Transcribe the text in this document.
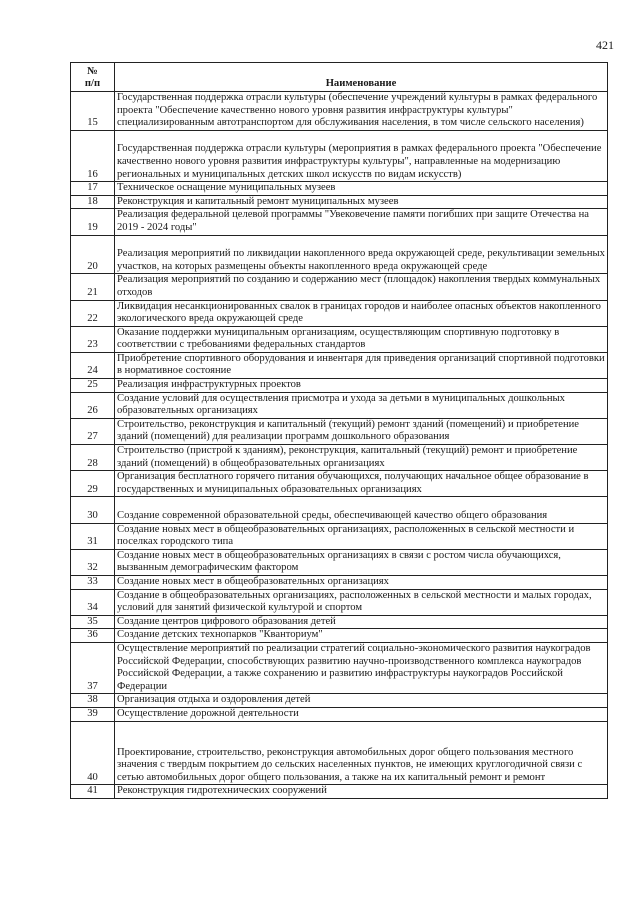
421
№
п/п	Наименование
15	Государственная поддержка отрасли культуры (обеспечение учреждений культуры в рамках федерального проекта "Обеспечение качественно нового уровня развития инфраструктуры культуры" специализированным автотранспортом для обслуживания населения, в том числе сельского населения)
16	Государственная поддержка отрасли культуры (мероприятия в рамках федерального проекта "Обеспечение качественно нового уровня развития инфраструктуры культуры", направленные на модернизацию региональных и муниципальных детских школ искусств по видам искусств)
17	Техническое оснащение муниципальных музеев
18	Реконструкция и капитальный ремонт муниципальных музеев
19	Реализация федеральной целевой программы "Увековечение памяти погибших при защите Отечества на 2019 - 2024 годы"
20	Реализация мероприятий по ликвидации накопленного вреда окружающей среде, рекультивации земельных участков, на которых размещены объекты накопленного вреда окружающей среде
21	Реализация мероприятий по созданию и содержанию мест (площадок) накопления твердых коммунальных отходов
22	Ликвидация несанкционированных свалок в границах городов и наиболее опасных объектов накопленного экологического вреда окружающей среде
23	Оказание поддержки муниципальным организациям, осуществляющим спортивную подготовку в соответствии с требованиями федеральных стандартов
24	Приобретение спортивного оборудования и инвентаря для приведения организаций спортивной подготовки в нормативное состояние
25	Реализация инфраструктурных проектов
26	Создание условий для осуществления присмотра и ухода за детьми в муниципальных дошкольных образовательных организациях
27	Строительство, реконструкция и капитальный (текущий) ремонт зданий (помещений) и приобретение зданий (помещений) для реализации программ дошкольного образования
28	Строительство (пристрой к зданиям), реконструкция, капитальный (текущий) ремонт и приобретение зданий (помещений) в общеобразовательных организациях
29	Организация бесплатного горячего питания обучающихся, получающих начальное общее образование в государственных и муниципальных образовательных организациях
30	Создание современной образовательной среды, обеспечивающей качество общего образования
31	Создание новых мест в общеобразовательных организациях, расположенных в сельской местности и поселках городского типа
32	Создание новых мест в общеобразовательных организациях в связи с ростом числа обучающихся, вызванным демографическим фактором
33	Создание новых мест в общеобразовательных организациях
34	Создание в общеобразовательных организациях, расположенных в сельской местности и малых городах, условий для занятий физической культурой и спортом
35	Создание центров цифрового образования детей
36	Создание детских технопарков "Кванториум"
37	Осуществление мероприятий по реализации стратегий социально-экономического развития наукоградов Российской Федерации, способствующих развитию научно-производственного комплекса наукоградов Российской Федерации, а также сохранению и развитию инфраструктуры наукоградов Российской Федерации
38	Организация отдыха и оздоровления детей
39	Осуществление дорожной деятельности
40	Проектирование, строительство, реконструкция автомобильных дорог общего пользования местного значения с твердым покрытием до сельских населенных пунктов, не имеющих круглогодичной связи с сетью автомобильных дорог общего пользования, а также на их капитальный ремонт и ремонт
41	Реконструкция гидротехнических сооружений
